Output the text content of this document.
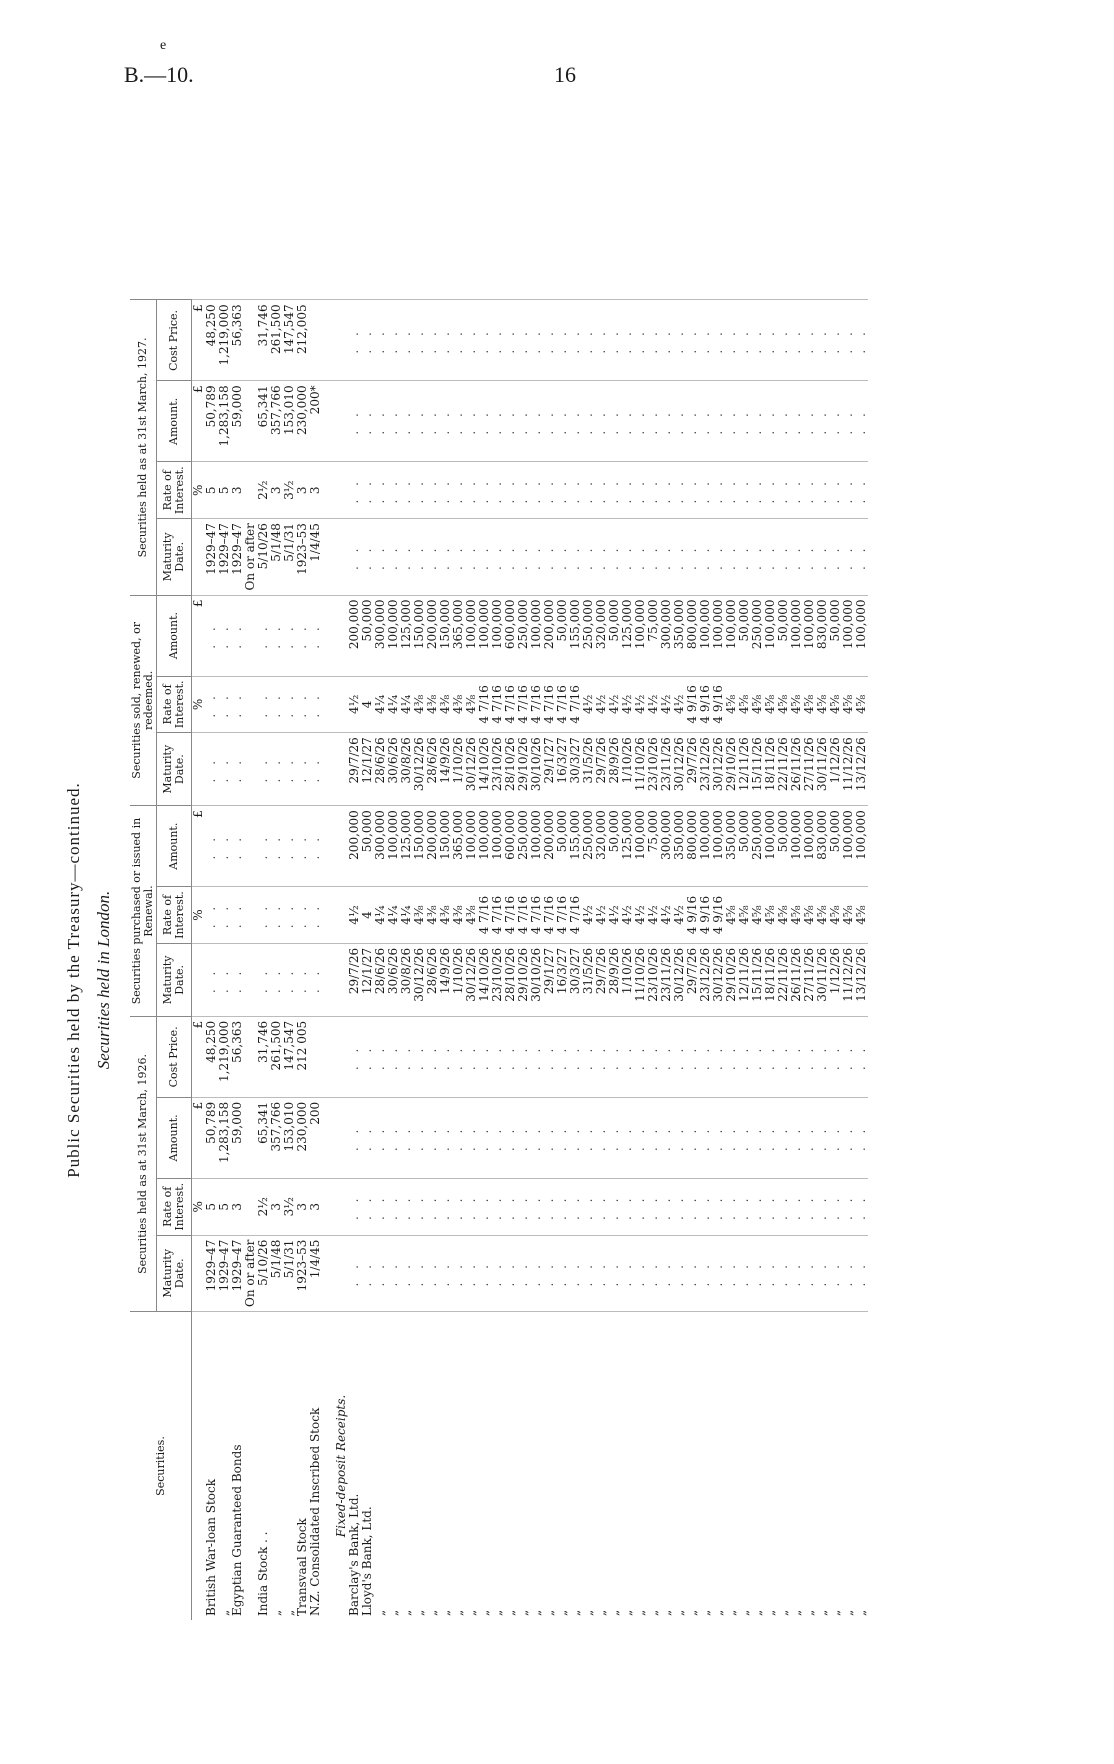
e
B.—10.	16
Public Securities held by the Treasury—continued. Securities held in London.
Securities.	Securities held as at 31st March, 1926.				Securities purchased or issued in Renewal.			Securities sold, renewed, or redeemed.			Securities held as at 31st March, 1927.			
	Maturity Date.	Rate of Interest.	Amount.	Cost Price.	Maturity Date.	Rate of Interest.	Amount.	Maturity Date.	Rate of Interest.	Amount.	Maturity Date.	Rate of Interest.	Amount.	Cost Price.
		%	£	£		%	£		%	£		%	£	£
British War-loan Stock	1929–47	5	50,789	48,250	. .	. .	. .	. .	. .	. .	1929–47	5	50,789	48,250
„	1929–47	5	1,283,158	1,219,000	. .	. .	. .	. .	. .	. .	1929–47	5	1,283,158	1,219,000
Egyptian Guaranteed Bonds	1929–47	3	59,000	56,363	. .	. .	. .	. .	. .	. .	1929–47	3	59,000	56,363
	On or after										On or after			
India Stock . .	5/10/26	2½	65,341	31,746	. .	. .	. .	. .	. .	. .	5/10/26	2½	65,341	31,746
„	5/1/48	3	357,766	261,500	. .	. .	. .	. .	. .	. .	5/1/48	3	357,766	261,500
„	5/1/31	3½	153,010	147,547	. .	. .	. .	. .	. .	. .	5/1/31	3½	153,010	147,547
Transvaal Stock	1923–53	3	230,000	212 005	. .	. .	. .	. .	. .	. .	1923–53	3	230,000	212,005
N.Z. Consolidated Inscribed Stock	1/4/45	3	200		. .	. .	. .	. .	. .	. .	1/4/45	3	200*	

Fixed-deposit Receipts.														
Barclay's Bank, Ltd.	. .	. .	. .	. .	29/7/26	4½	200,000	29/7/26	4½	200,000	. .	. .	. .	. .
Lloyd's Bank, Ltd.	. .	. .	. .	. .	12/1/27	4	50,000	12/1/27	4	50,000	. .	. .	. .	. .
„	. .	. .	. .	. .	28/6/26	4¼	300,000	28/6/26	4¼	300,000	. .	. .	. .	. .
„	. .	. .	. .	. .	30/6/26	4¼	100,000	30/6/26	4¼	100,000	. .	. .	. .	. .
„	. .	. .	. .	. .	30/8/26	4¼	125,000	30/8/26	4¼	125,000	. .	. .	. .	. .
„	. .	. .	. .	. .	30/12/26	4⅜	150,000	30/12/26	4⅜	150,000	. .	. .	. .	. .
„	. .	. .	. .	. .	28/6/26	4⅜	200,000	28/6/26	4⅜	200,000	. .	. .	. .	. .
„	. .	. .	. .	. .	14/9/26	4⅜	150,000	14/9/26	4⅜	150,000	. .	. .	. .	. .
„	. .	. .	. .	. .	1/10/26	4⅜	365,000	1/10/26	4⅜	365,000	. .	. .	. .	. .
„	. .	. .	. .	. .	30/12/26	4⅜	100,000	30/12/26	4⅜	100,000	. .	. .	. .	. .
„	. .	. .	. .	. .	14/10/26	4 7/16	100,000	14/10/26	4 7/16	100,000	. .	. .	. .	. .
„	. .	. .	. .	. .	23/10/26	4 7/16	100,000	23/10/26	4 7/16	100,000	. .	. .	. .	. .
„	. .	. .	. .	. .	28/10/26	4 7/16	600,000	28/10/26	4 7/16	600,000	. .	. .	. .	. .
„	. .	. .	. .	. .	29/10/26	4 7/16	250,000	29/10/26	4 7/16	250,000	. .	. .	. .	. .
„	. .	. .	. .	. .	30/10/26	4 7/16	100,000	30/10/26	4 7/16	100,000	. .	. .	. .	. .
„	. .	. .	. .	. .	29/1/27	4 7/16	200,000	29/1/27	4 7/16	200,000	. .	. .	. .	. .
„	. .	. .	. .	. .	16/3/27	4 7/16	50,000	16/3/27	4 7/16	50,000	. .	. .	. .	. .
„	. .	. .	. .	. .	30/3/27	4 7/16	155,000	30/3/27	4 7/16	155,000	. .	. .	. .	. .
„	. .	. .	. .	. .	31/5/26	4½	250,000	31/5/26	4½	250,000	. .	. .	. .	. .
„	. .	. .	. .	. .	29/7/26	4½	320,000	29/7/26	4½	320,000	. .	. .	. .	. .
„	. .	. .	. .	. .	28/9/26	4½	50,000	28/9/26	4½	50,000	. .	. .	. .	. .
„	. .	. .	. .	. .	1/10/26	4½	125,000	1/10/26	4½	125,000	. .	. .	. .	. .
„	. .	. .	. .	. .	11/10/26	4½	100,000	11/10/26	4½	100,000	. .	. .	. .	. .
„	. .	. .	. .	. .	23/10/26	4½	75,000	23/10/26	4½	75,000	. .	. .	. .	. .
„	. .	. .	. .	. .	23/11/26	4½	300,000	23/11/26	4½	300,000	. .	. .	. .	. .
„	. .	. .	. .	. .	30/12/26	4½	350,000	30/12/26	4½	350,000	. .	. .	. .	. .
„	. .	. .	. .	. .	29/7/26	4 9/16	800,000	29/7/26	4 9/16	800,000	. .	. .	. .	. .
„	. .	. .	. .	. .	23/12/26	4 9/16	100,000	23/12/26	4 9/16	100,000	. .	. .	. .	. .
„	. .	. .	. .	. .	30/12/26	4 9/16	100,000	30/12/26	4 9/16	100,000	. .	. .	. .	. .
„	. .	. .	. .	. .	29/10/26	4⅝	350,000	29/10/26	4⅝	100,000	. .	. .	. .	. .
„	. .	. .	. .	. .	12/11/26	4⅝	50,000	12/11/26	4⅝	50,000	. .	. .	. .	. .
„	. .	. .	. .	. .	15/11/26	4⅝	250,000	15/11/26	4⅝	250,000	. .	. .	. .	. .
„	. .	. .	. .	. .	18/11/26	4⅝	100,000	18/11/26	4⅝	100,000	. .	. .	. .	. .
„	. .	. .	. .	. .	22/11/26	4⅝	50,000	22/11/26	4⅝	50,000	. .	. .	. .	. .
„	. .	. .	. .	. .	26/11/26	4⅝	100,000	26/11/26	4⅝	100,000	. .	. .	. .	. .
„	. .	. .	. .	. .	27/11/26	4⅝	100,000	27/11/26	4⅝	100,000	. .	. .	. .	. .
„	. .	. .	. .	. .	30/11/26	4⅝	830,000	30/11/26	4⅝	830,000	. .	. .	. .	. .
„	. .	. .	. .	. .	1/12/26	4⅝	50,000	1/12/26	4⅝	50,000	. .	. .	. .	. .
„	. .	. .	. .	. .	11/12/26	4⅝	100,000	11/12/26	4⅝	100,000	. .	. .	. .	. .
„	. .	. .	. .	. .	13/12/26	4⅝	100,000	13/12/26	4⅝	100,000	. .	. .	. .	. .
